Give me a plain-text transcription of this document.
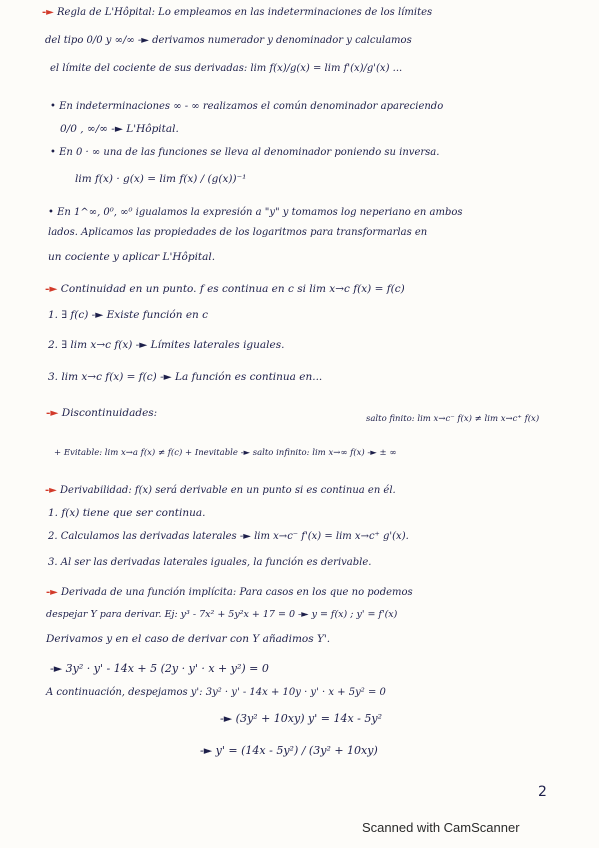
-► Regla de L'Hôpital: Lo empleamos en las indeterminaciones de los límites
del tipo 0/0 y ∞/∞ -► derivamos numerador y denominador y calculamos
el límite del cociente de sus derivadas: lim f(x)/g(x) = lim f'(x)/g'(x) ...
• En indeterminaciones ∞ - ∞ realizamos el común denominador apareciendo
0/0 , ∞/∞ -► L'Hôpital.
• En 0 · ∞ una de las funciones se lleva al denominador poniendo su inversa.
lim f(x) · g(x) = lim f(x) / (g(x))⁻¹
• En 1^∞, 0⁰, ∞⁰ igualamos la expresión a "y" y tomamos log neperiano en ambos
lados. Aplicamos las propiedades de los logaritmos para transformarlas en
un cociente y aplicar L'Hôpital.
-► Continuidad en un punto. f es continua en c si lim x→c f(x) = f(c)
1. ∃ f(c) -► Existe función en c
2. ∃ lim x→c f(x) -► Límites laterales iguales.
3. lim x→c f(x) = f(c) -► La función es continua en...
-► Discontinuidades:	salto finito: lim x→c⁻ f(x) ≠ lim x→c⁺ f(x)
+ Evitable: lim x→a f(x) ≠ f(c) + Inevitable -► salto infinito: lim x→∞ f(x) -► ± ∞
-► Derivabilidad: f(x) será derivable en un punto si es continua en él.
1. f(x) tiene que ser continua.
2. Calculamos las derivadas laterales -► lim x→c⁻ f'(x) = lim x→c⁺ g'(x).
3. Al ser las derivadas laterales iguales, la función es derivable.
-► Derivada de una función implícita: Para casos en los que no podemos
despejar Y para derivar. Ej: y³ - 7x² + 5y²x + 17 = 0 -► y = f(x) ; y' = f'(x)
Derivamos y en el caso de derivar con Y añadimos Y'.
-► 3y² · y' - 14x + 5 (2y · y' · x + y²) = 0
A continuación, despejamos y': 3y² · y' - 14x + 10y · y' · x + 5y² = 0
-► (3y² + 10xy) y' = 14x - 5y²
-► y' = (14x - 5y²) / (3y² + 10xy)
2
Scanned with CamScanner
